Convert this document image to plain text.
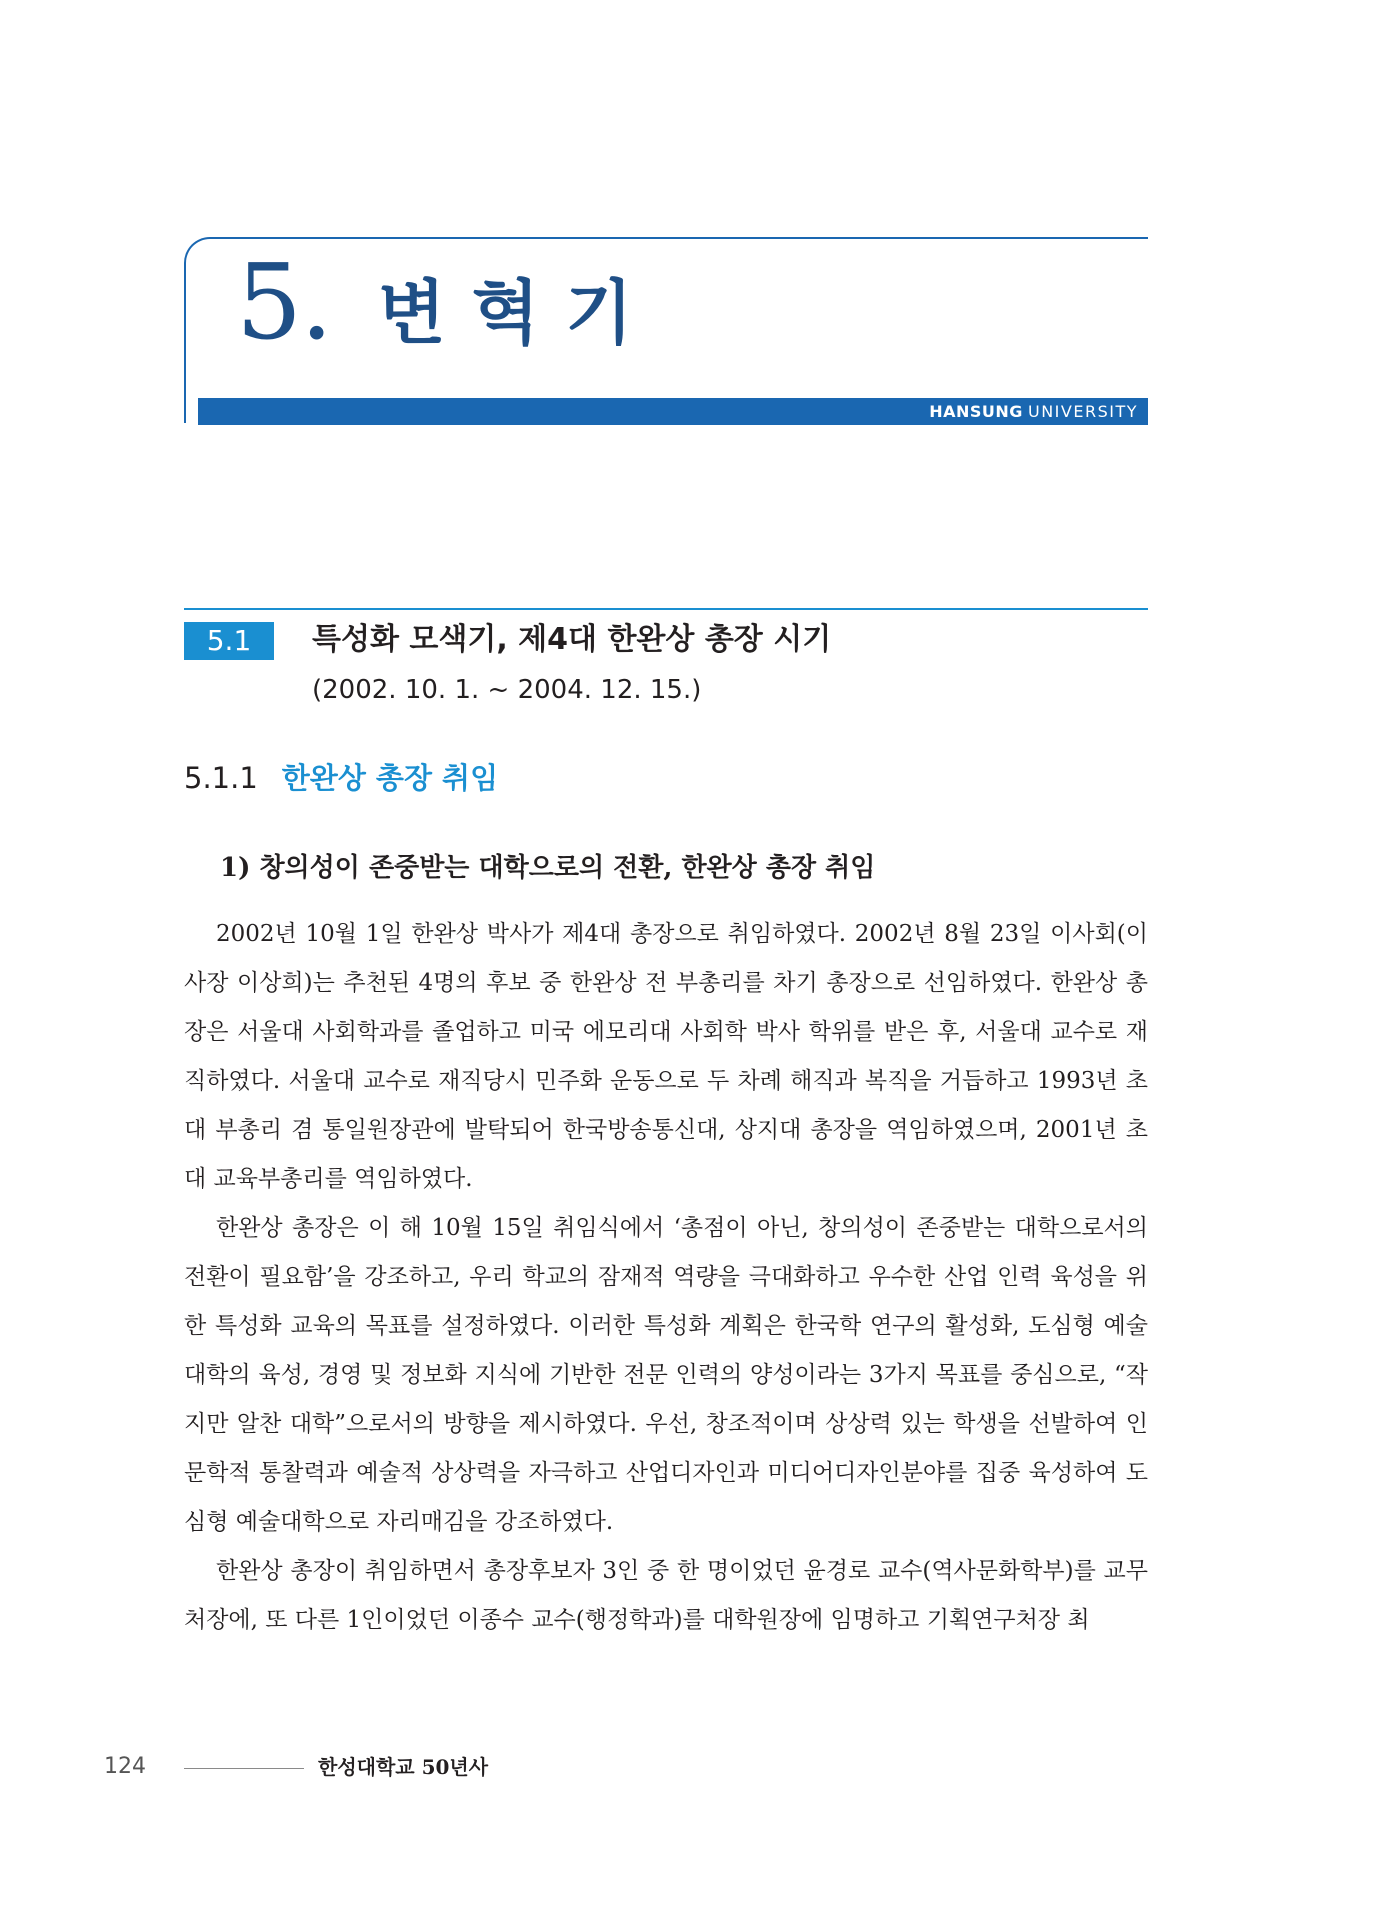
5. 변혁기
HANSUNG UNIVERSITY
5.1	특성화 모색기, 제4대 한완상 총장 시기
(2002. 10. 1. ~ 2004. 12. 15.)
5.1.1 한완상 총장 취임
1) 창의성이 존중받는 대학으로의 전환, 한완상 총장 취임

2002년 10월 1일 한완상 박사가 제4대 총장으로 취임하였다. 2002년 8월 23일 이사회(이사장 이상희)는 추천된 4명의 후보 중 한완상 전 부총리를 차기 총장으로 선임하였다. 한완상 총장은 서울대 사회학과를 졸업하고 미국 에모리대 사회학 박사 학위를 받은 후, 서울대 교수로 재직하였다. 서울대 교수로 재직당시 민주화 운동으로 두 차례 해직과 복직을 거듭하고 1993년 초대 부총리 겸 통일원장관에 발탁되어 한국방송통신대, 상지대 총장을 역임하였으며, 2001년 초대 교육부총리를 역임하였다.

한완상 총장은 이 해 10월 15일 취임식에서 ‘총점이 아닌, 창의성이 존중받는 대학으로서의 전환이 필요함’을 강조하고, 우리 학교의 잠재적 역량을 극대화하고 우수한 산업 인력 육성을 위한 특성화 교육의 목표를 설정하였다. 이러한 특성화 계획은 한국학 연구의 활성화, 도심형 예술대학의 육성, 경영 및 정보화 지식에 기반한 전문 인력의 양성이라는 3가지 목표를 중심으로, “작지만 알찬 대학”으로서의 방향을 제시하였다. 우선, 창조적이며 상상력 있는 학생을 선발하여 인문학적 통찰력과 예술적 상상력을 자극하고 산업디자인과 미디어디자인분야를 집중 육성하여 도심형 예술대학으로 자리매김을 강조하였다.

한완상 총장이 취임하면서 총장후보자 3인 중 한 명이었던 윤경로 교수(역사문화학부)를 교무처장에, 또 다른 1인이었던 이종수 교수(행정학과)를 대학원장에 임명하고 기획연구처장 최

124	한성대학교 50년사
